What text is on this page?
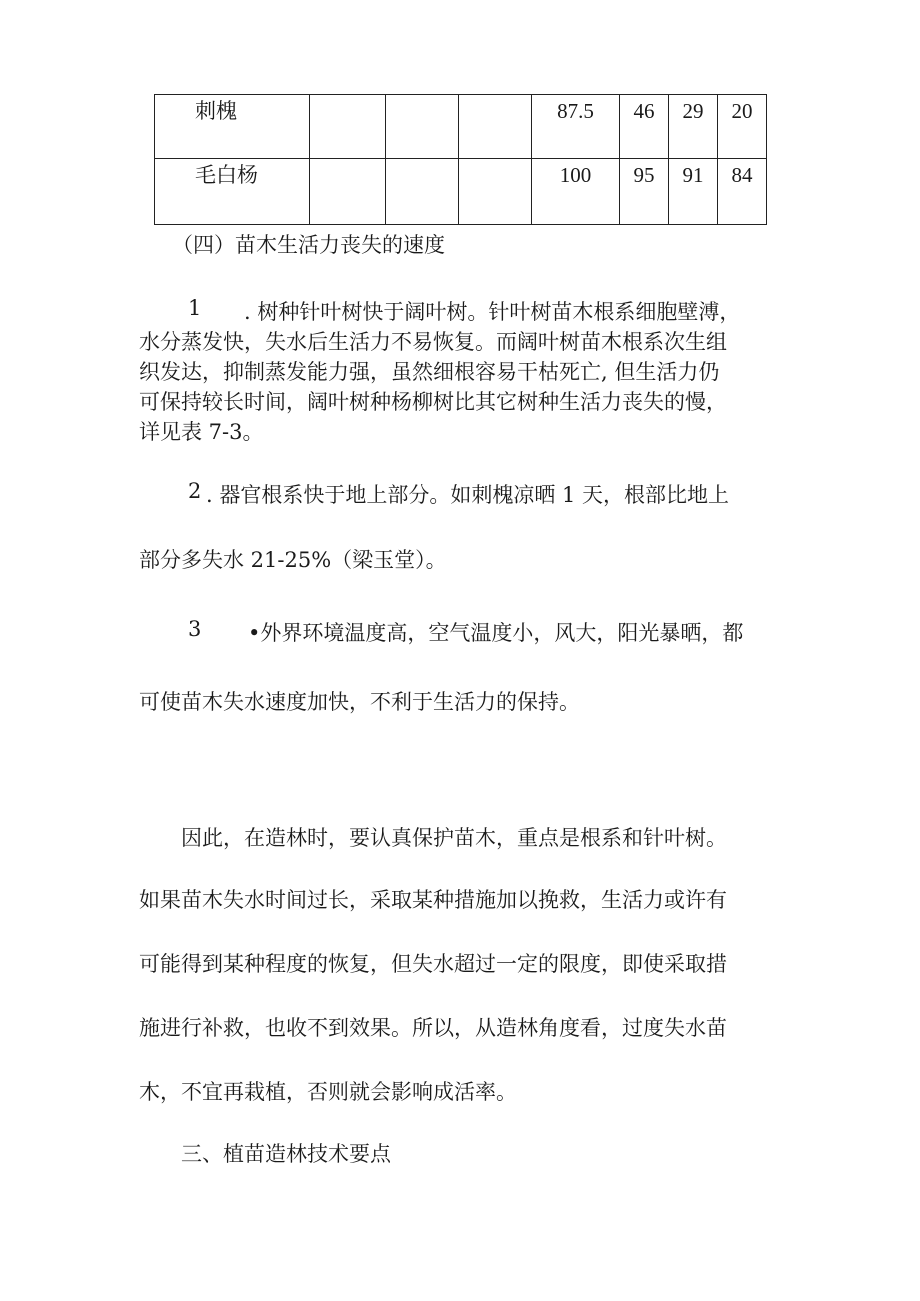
刺槐				87.5	46	29	20
毛白杨				100	95	91	84
（四）苗木生活力丧失的速度
1 . 树种针叶树快于阔叶树。针叶树苗木根系细胞壁溥，
水分蒸发快，失水后生活力不易恢复。而阔叶树苗木根系次生组
织发达，抑制蒸发能力强，虽然细根容易干枯死亡, 但生活力仍
可保持较长时间，阔叶树种杨柳树比其它树种生活力丧失的慢，
详见表 7-3。
2 . 器官根系快于地上部分。如刺槐凉晒 1 天，根部比地上
部分多失水 21-25%（梁玉堂）。
3 •外界环境温度高，空气温度小，风大，阳光暴晒，都
可使苗木失水速度加快，不利于生活力的保持。
因此，在造林时，要认真保护苗木，重点是根系和针叶树。
如果苗木失水时间过长，采取某种措施加以挽救，生活力或许有
可能得到某种程度的恢复，但失水超过一定的限度，即使采取措
施进行补救，也收不到效果。所以，从造林角度看，过度失水苗
木，不宜再栽植，否则就会影响成活率。
三、植苗造林技术要点
